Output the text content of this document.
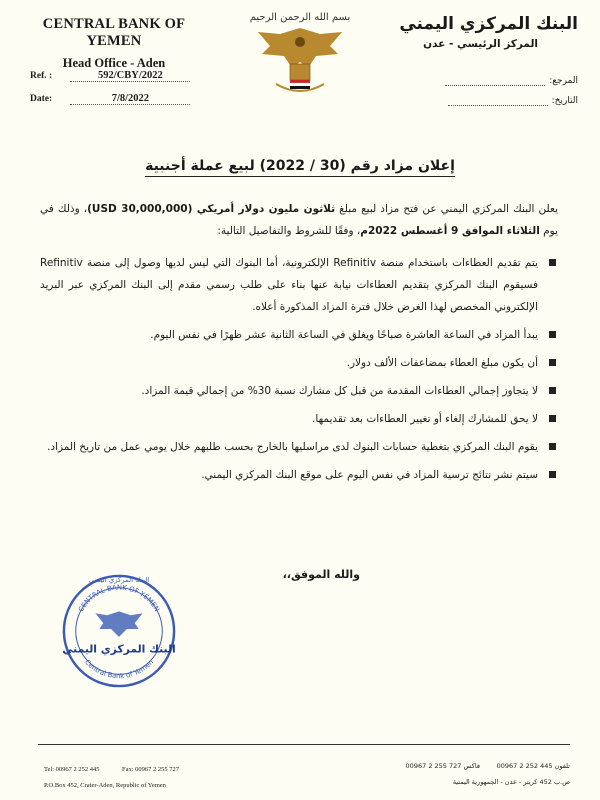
CENTRAL BANK OF YEMEN
Head Office - Aden
Ref. :	592/CBY/2022
Date:	7/8/2022
بسم الله الرحمن الرحيم	البنك المركزي اليمني
المركز الرئيسي - عدن
المرجع:
التاريخ:
إعلان مزاد رقم (30 / 2022) لبيع عملة أجنبية

يعلن البنك المركزي اليمني عن فتح مزاد لبيع مبلغ ثلاثون مليون دولار أمريكي (30,000,000 USD)، وذلك في يوم الثلاثاء الموافق 9 أغسطس 2022م، وفقًا للشروط والتفاصيل التالية:

يتم تقديم العطاءات باستخدام منصة Refinitiv الإلكترونية، أما البنوك التي ليس لديها وصول إلى منصة Refinitiv فسيقوم البنك المركزي بتقديم العطاءات نيابة عنها بناء على طلب رسمي مقدم إلى البنك المركزي عبر البريد الإلكتروني المخصص لهذا الغرض خلال فترة المزاد المذكورة أعلاه.
يبدأ المزاد في الساعة العاشرة صباحًا ويغلق في الساعة الثانية عشر ظهرًا في نفس اليوم.
أن يكون مبلغ العطاء بمضاعفات الألف دولار.
لا يتجاوز إجمالي العطاءات المقدمة من قبل كل مشارك نسبة 30% من إجمالي قيمة المزاد.
لا يحق للمشارك إلغاء أو تغيير العطاءات بعد تقديمها.
يقوم البنك المركزي بتغطية حسابات البنوك لدى مراسليها بالخارج بحسب طلبهم خلال يومي عمل من تاريخ المزاد.
سيتم نشر نتائج ترسية المزاد في نفس اليوم على موقع البنك المركزي اليمني.
والله الموفق،،
CENTRAL BANK OF YEMEN
Central Bank of Yemen
البنك المركزي اليمني
البنك المركزي اليمني
Tel: 00967 2 252 445	Fax: 00967 2 255 727
P.O.Box 452, Crater-Aden, Republic of Yemen
تلفون 445 252 2 00967
فاكس 727 255 2 00967
ص.ب 452 كريتر - عدن - الجمهورية اليمنية
